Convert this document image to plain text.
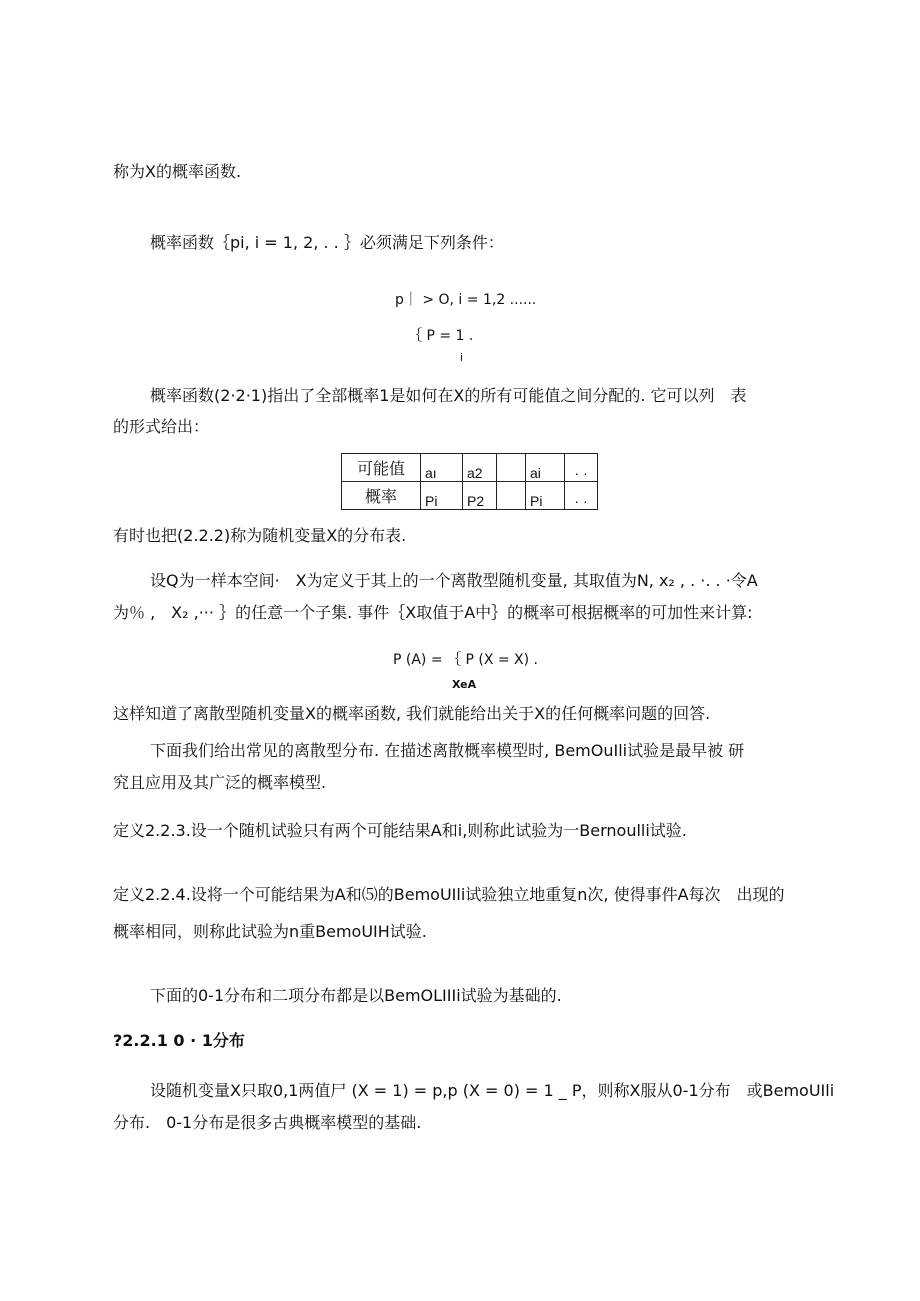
称为X的概率函数.
概率函数｛pi, i = 1, 2, . . ｝必须满足下列条件：
p｜ > O, i = 1,2 ......
｛ P = 1 .
i
概率函数(2·2·1)指出了全部概率1是如何在X的所有可能值之间分配的. 它可以列　表
的形式给出：
可能值	aı	a2		ai	· ·
概率	Pi	P2		Pi	· ·
有时也把(2.2.2)称为随机变量X的分布表.
设Q为一样本空间·　X为定义于其上的一个离散型随机变量, 其取值为N, x₂ , . ·. . ·令A
为％ ,　X₂ ,··· ｝的任意一个子集. 事件｛X取值于A中｝的概率可根据概率的可加性来计算:
P (A) = ｛ P (X = X) .
XeA
这样知道了离散型随机变量X的概率函数, 我们就能给出关于X的任何概率问题的回答.
下面我们给出常见的离散型分布. 在描述离散概率模型时, BemOuIli试验是最早被 研
究且应用及其广泛的概率模型.
定义2.2.3.设一个随机试验只有两个可能结果A和i,则称此试验为一Bernoulli试验.
定义2.2.4.设将一个可能结果为A和⑸的BemoUIli试验独立地重复n次, 使得事件A每次　出现的
概率相同，则称此试验为n重BemoUIH试验.
下面的0-1分布和二项分布都是以BemOLIIIi试验为基础的.
?2.2.1 0 · 1分布
设随机变量X只取0,1两值尸 (X = 1) = p,p (X = 0) = 1 _ P，则称X服从0-1分布　或BemoUIli
分布.　0-1分布是很多古典概率模型的基础.
